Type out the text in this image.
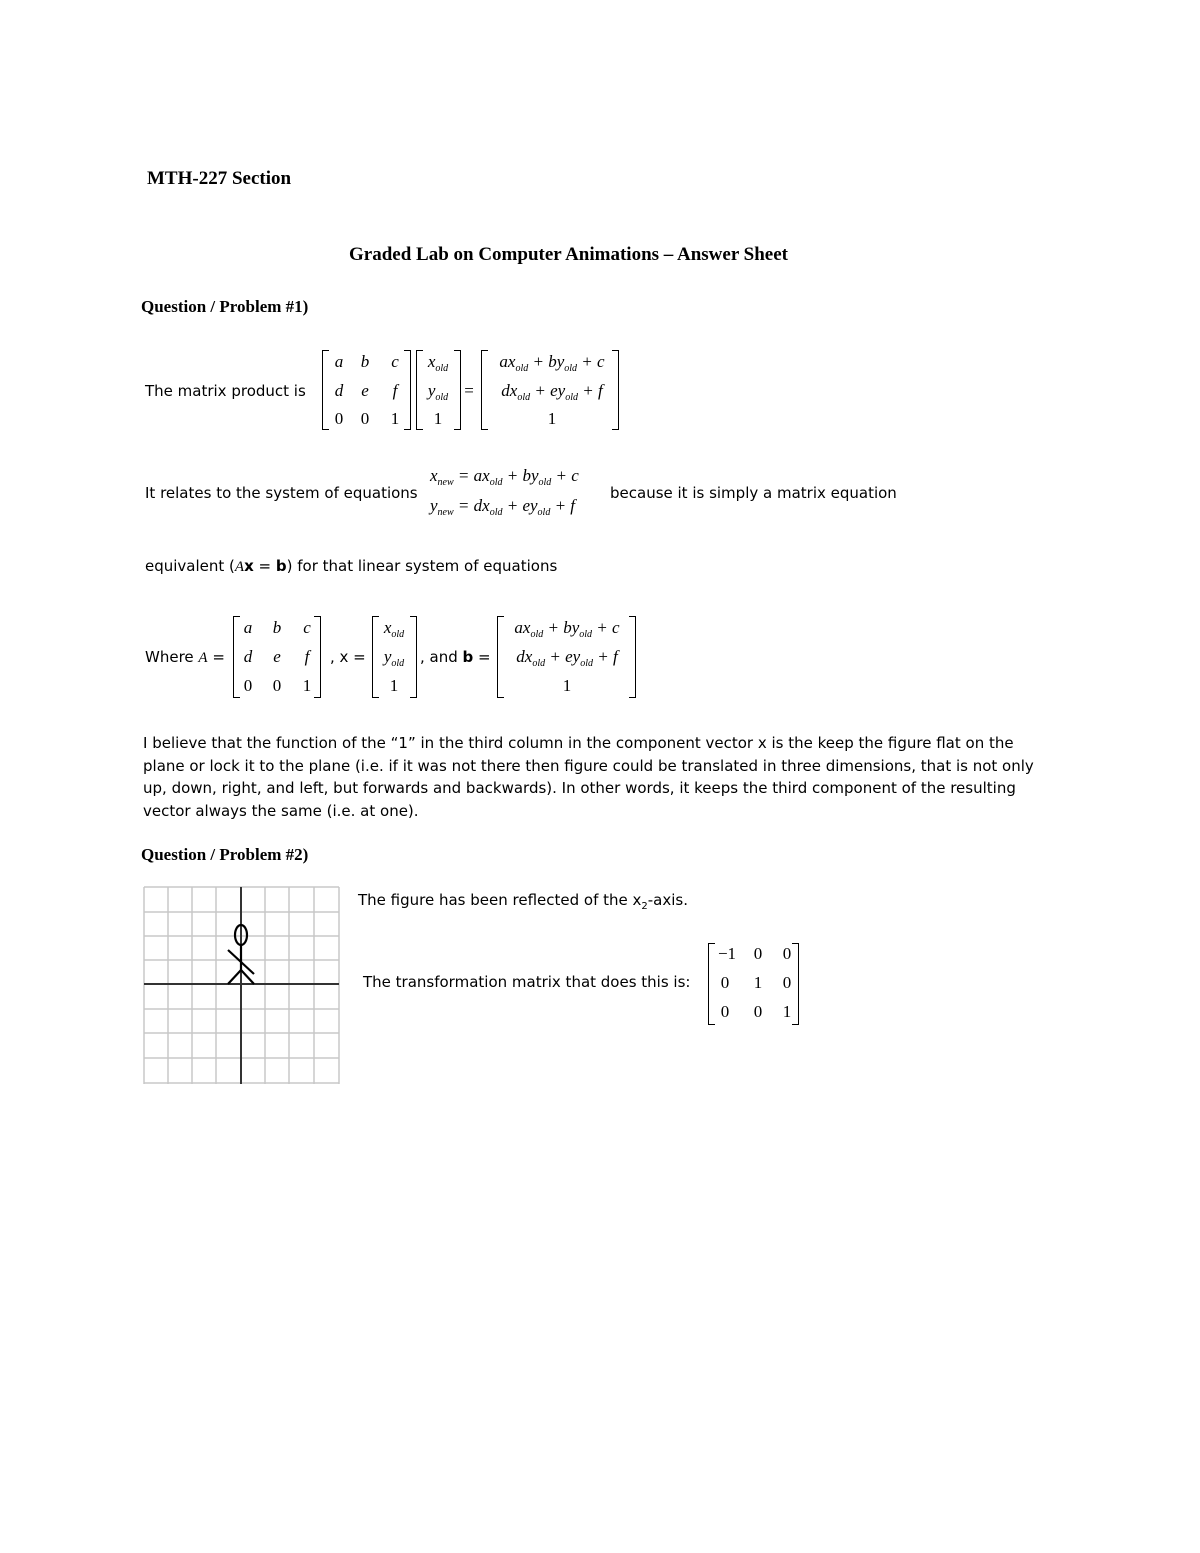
MTH-227 Section
Graded Lab on Computer Animations – Answer Sheet
Question / Problem #1)
The matrix product is
a	b	c
d	e	f
0	0	1
$x_{old}$
$y_{old}$
1
=
$ax_{old} + by_{old} + c$
$dx_{old} + ey_{old} + f$
1
It relates to the system of equations
$x_{new} = ax_{old} + by_{old} + c$
$y_{new} = dx_{old} + ey_{old} + f$
because it is simply a matrix equation
equivalent (Ax = b) for that linear system of equations
Where A =
a	b	c
d	e	f
0	0	1
, x =
$x_{old}$
$y_{old}$
1
, and b =
$ax_{old} + by_{old} + c$
$dx_{old} + ey_{old} + f$
1
I believe that the function of the “1” in the third column in the component vector x is the keep the figure flat on the plane or lock it to the plane (i.e. if it was not there then figure could be translated in three dimensions, that is not only up, down, right, and left, but forwards and backwards). In other words, it keeps the third component of the resulting vector always the same (i.e. at one).
Question / Problem #2)
The figure has been reflected of the $x_2$-axis.
The transformation matrix that does this is:
−1	0	0
0	1	0
0	0	1
